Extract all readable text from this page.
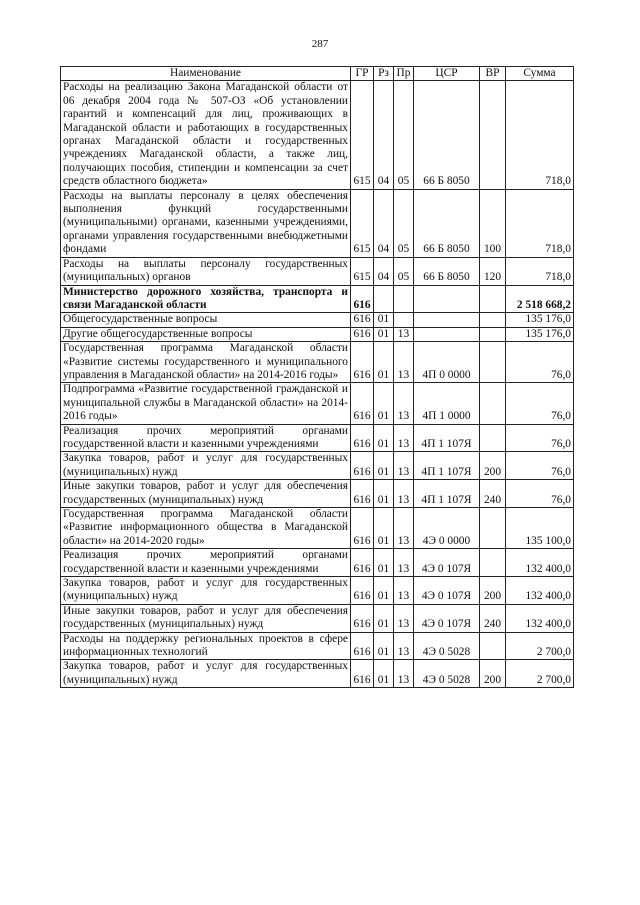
287
Наименование	ГР	Рз	Пр	ЦСР	ВР	Сумма
Расходы на реализацию Закона Магаданской области от 06 декабря 2004 года № 507-ОЗ «Об установлении гарантий и компенсаций для лиц, проживающих в Магаданской области и работающих в государственных органах Магаданской области и государственных учреждениях Магаданской области, а также лиц, получающих пособия, стипендии и компенсации за счет средств областного бюджета»	615	04	05	66 Б 8050		718,0
Расходы на выплаты персоналу в целях обеспечения выполнения функций государственными (муниципальными) органами, казенными учреждениями, органами управления государственными внебюджетными фондами	615	04	05	66 Б 8050	100	718,0
Расходы на выплаты персоналу государственных (муниципальных) органов	615	04	05	66 Б 8050	120	718,0
Министерство дорожного хозяйства, транспорта и связи Магаданской области	616					2 518 668,2
Общегосударственные вопросы	616	01				135 176,0
Другие общегосударственные вопросы	616	01	13			135 176,0
Государственная программа Магаданской области «Развитие системы государственного и муниципального управления в Магаданской области» на 2014-2016 годы»	616	01	13	4П 0 0000		76,0
Подпрограмма «Развитие государственной гражданской и муниципальной службы в Магаданской области» на 2014-2016 годы»	616	01	13	4П 1 0000		76,0
Реализация прочих мероприятий органами государственной власти и казенными учреждениями	616	01	13	4П 1 107Я		76,0
Закупка товаров, работ и услуг для государственных (муниципальных) нужд	616	01	13	4П 1 107Я	200	76,0
Иные закупки товаров, работ и услуг для обеспечения государственных (муниципальных) нужд	616	01	13	4П 1 107Я	240	76,0
Государственная программа Магаданской области «Развитие информационного общества в Магаданской области» на 2014-2020 годы»	616	01	13	4Э 0 0000		135 100,0
Реализация прочих мероприятий органами государственной власти и казенными учреждениями	616	01	13	4Э 0 107Я		132 400,0
Закупка товаров, работ и услуг для государственных (муниципальных) нужд	616	01	13	4Э 0 107Я	200	132 400,0
Иные закупки товаров, работ и услуг для обеспечения государственных (муниципальных) нужд	616	01	13	4Э 0 107Я	240	132 400,0
Расходы на поддержку региональных проектов в сфере информационных технологий	616	01	13	4Э 0 5028		2 700,0
Закупка товаров, работ и услуг для государственных (муниципальных) нужд	616	01	13	4Э 0 5028	200	2 700,0
